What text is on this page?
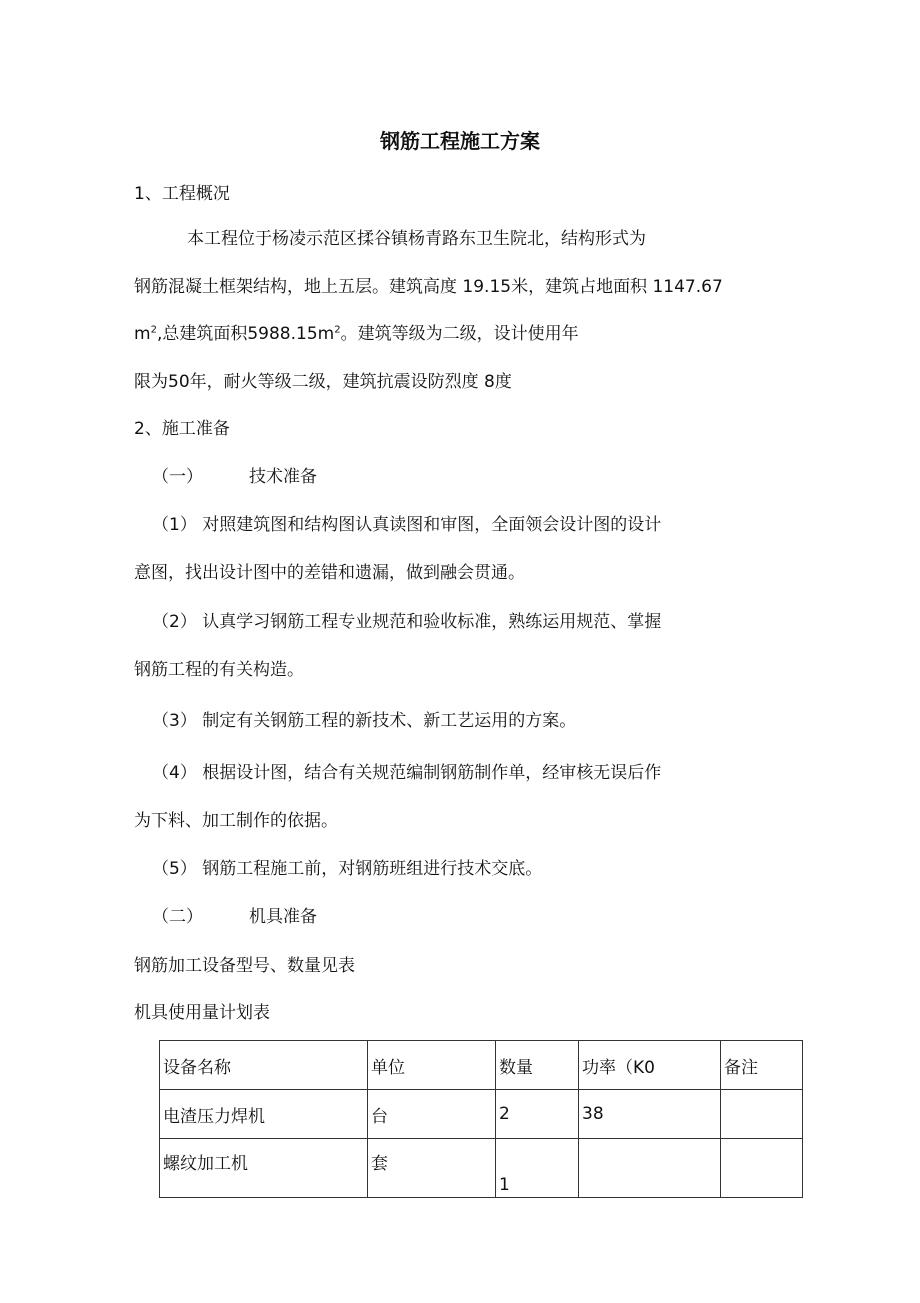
钢筋工程施工方案
1、工程概况
本工程位于杨凌示范区揉谷镇杨青路东卫生院北，结构形式为
钢筋混凝土框架结构，地上五层。建筑高度 19.15米，建筑占地面积 1147.67
$m^2$,总建筑面积$5988.15m^2$。建筑等级为二级，设计使用年
限为50年，耐火等级二级，建筑抗震设防烈度 8度
2、施工准备
（一）	技术准备
（1） 对照建筑图和结构图认真读图和审图，全面领会设计图的设计
意图，找出设计图中的差错和遗漏，做到融会贯通。
（2） 认真学习钢筋工程专业规范和验收标准，熟练运用规范、掌握
钢筋工程的有关构造。
（3） 制定有关钢筋工程的新技术、新工艺运用的方案。
（4） 根据设计图，结合有关规范编制钢筋制作单，经审核无误后作
为下料、加工制作的依据。
（5） 钢筋工程施工前，对钢筋班组进行技术交底。
（二）	机具准备
钢筋加工设备型号、数量见表
机具使用量计划表
设备名称	单位	数量	功率（K0	备注
电渣压力焊机	台	2	38	
螺纹加工机	套	1		
